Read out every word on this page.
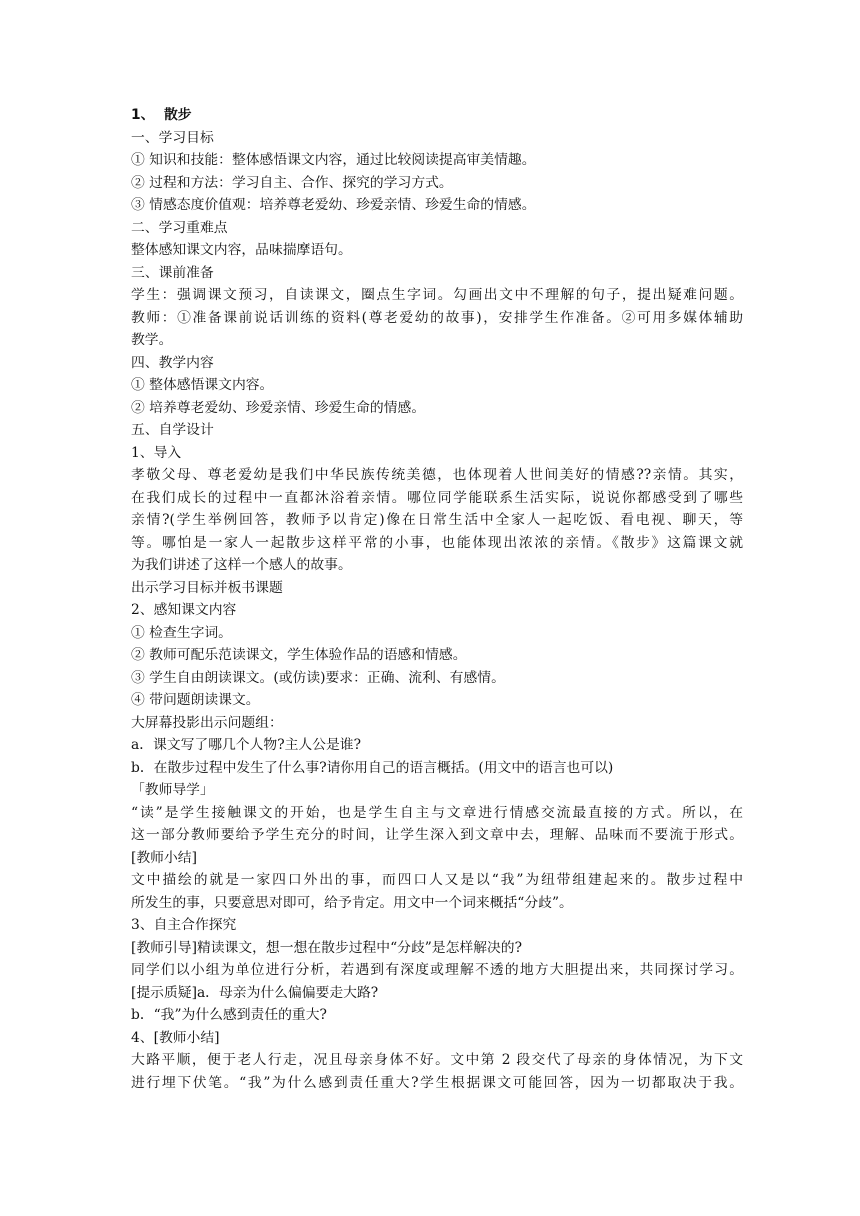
1、  散步
一、学习目标
① 知识和技能：整体感悟课文内容，通过比较阅读提高审美情趣。
② 过程和方法：学习自主、合作、探究的学习方式。
③ 情感态度价值观：培养尊老爱幼、珍爱亲情、珍爱生命的情感。
二、学习重难点
整体感知课文内容，品味揣摩语句。
三、课前准备
学生：强调课文预习，自读课文，圈点生字词。勾画出文中不理解的句子，提出疑难问题。
教师：①准备课前说话训练的资料(尊老爱幼的故事)，安排学生作准备。②可用多媒体辅助
教学。
四、教学内容
① 整体感悟课文内容。
② 培养尊老爱幼、珍爱亲情、珍爱生命的情感。
五、自学设计
1、导入
孝敬父母、尊老爱幼是我们中华民族传统美德，也体现着人世间美好的情感??亲情。其实，
在我们成长的过程中一直都沐浴着亲情。哪位同学能联系生活实际，说说你都感受到了哪些
亲情?(学生举例回答，教师予以肯定)像在日常生活中全家人一起吃饭、看电视、聊天，等
等。哪怕是一家人一起散步这样平常的小事，也能体现出浓浓的亲情。《散步》这篇课文就
为我们讲述了这样一个感人的故事。
出示学习目标并板书课题
2、感知课文内容
① 检查生字词。
② 教师可配乐范读课文，学生体验作品的语感和情感。
③ 学生自由朗读课文。(或仿读)要求：正确、流利、有感情。
④ 带问题朗读课文。
大屏幕投影出示问题组：
a．课文写了哪几个人物?主人公是谁?
b．在散步过程中发生了什么事?请你用自己的语言概括。(用文中的语言也可以)
「教师导学」
“读”是学生接触课文的开始，也是学生自主与文章进行情感交流最直接的方式。所以，在
这一部分教师要给予学生充分的时间，让学生深入到文章中去，理解、品味而不要流于形式。
[教师小结]
文中描绘的就是一家四口外出的事，而四口人又是以“我”为纽带组建起来的。散步过程中
所发生的事，只要意思对即可，给予肯定。用文中一个词来概括“分歧”。
3、自主合作探究
[教师引导]精读课文，想一想在散步过程中“分歧”是怎样解决的?
同学们以小组为单位进行分析，若遇到有深度或理解不透的地方大胆提出来，共同探讨学习。
[提示质疑]a．母亲为什么偏偏要走大路?
b．“我”为什么感到责任的重大?
4、[教师小结]
大路平顺，便于老人行走，况且母亲身体不好。文中第 2 段交代了母亲的身体情况，为下文
进行埋下伏笔。“我”为什么感到责任重大?学生根据课文可能回答，因为一切都取决于我。
